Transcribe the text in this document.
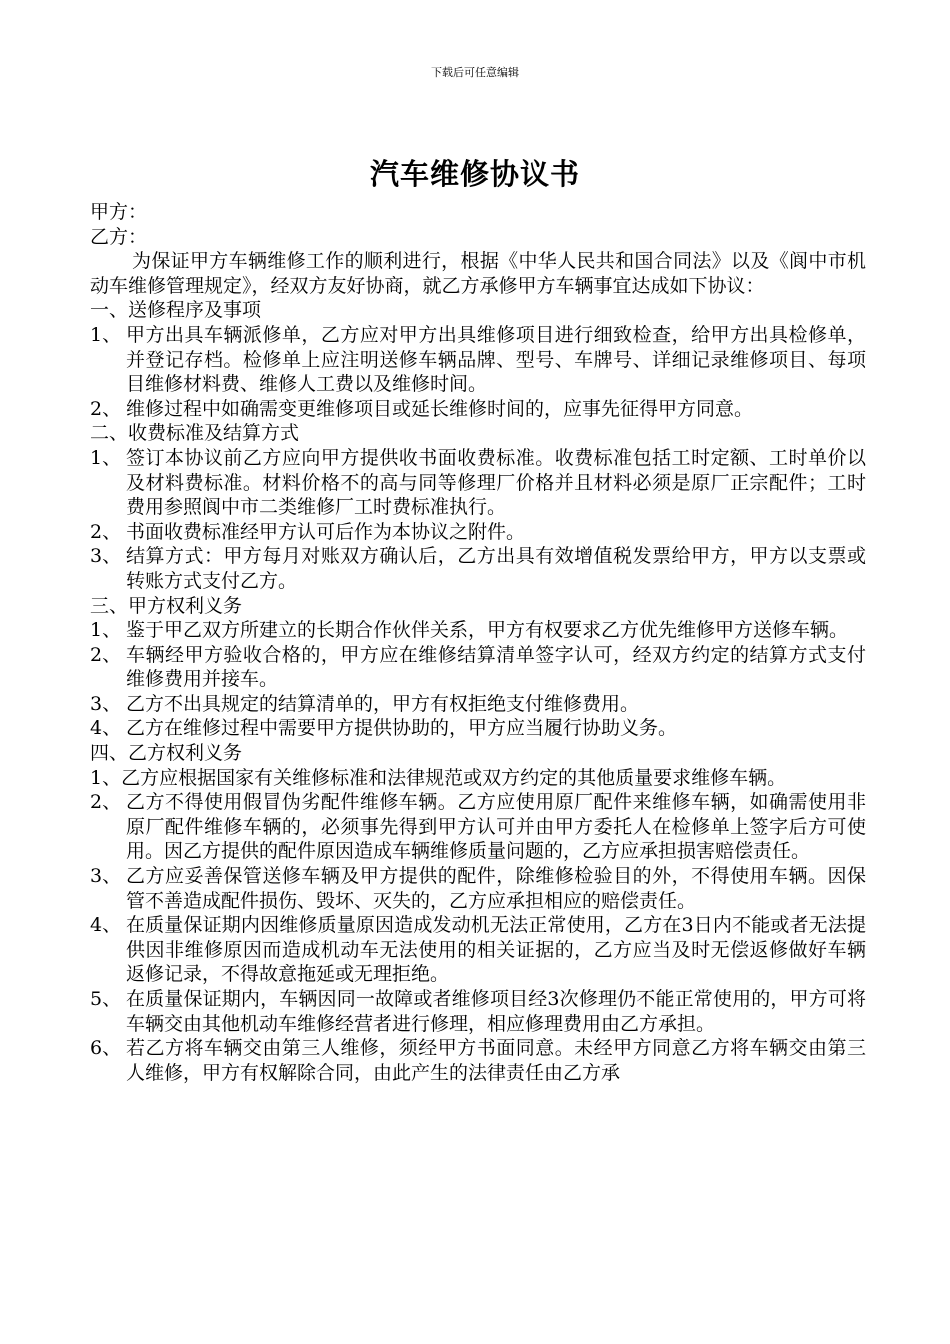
下载后可任意编辑
汽车维修协议书
甲方：
乙方：
为保证甲方车辆维修工作的顺利进行，根据《中华人民共和国合同法》以及《阆中市机动车维修管理规定》，经双方友好协商，就乙方承修甲方车辆事宜达成如下协议：
一、送修程序及事项
1、 甲方出具车辆派修单，乙方应对甲方出具维修项目进行细致检查，给甲方出具检修单，并登记存档。检修单上应注明送修车辆品牌、型号、车牌号、详细记录维修项目、每项目维修材料费、维修人工费以及维修时间。
2、 维修过程中如确需变更维修项目或延长维修时间的，应事先征得甲方同意。
二、收费标准及结算方式
1、 签订本协议前乙方应向甲方提供收书面收费标准。收费标准包括工时定额、工时单价以及材料费标准。材料价格不的高与同等修理厂价格并且材料必须是原厂正宗配件；工时费用参照阆中市二类维修厂工时费标准执行。
2、 书面收费标准经甲方认可后作为本协议之附件。
3、 结算方式：甲方每月对账双方确认后，乙方出具有效增值税发票给甲方，甲方以支票或转账方式支付乙方。
三、甲方权利义务
1、 鉴于甲乙双方所建立的长期合作伙伴关系，甲方有权要求乙方优先维修甲方送修车辆。
2、 车辆经甲方验收合格的，甲方应在维修结算清单签字认可，经双方约定的结算方式支付维修费用并接车。
3、 乙方不出具规定的结算清单的，甲方有权拒绝支付维修费用。
4、 乙方在维修过程中需要甲方提供协助的，甲方应当履行协助义务。
四、乙方权利义务
1、乙方应根据国家有关维修标准和法律规范或双方约定的其他质量要求维修车辆。
2、 乙方不得使用假冒伪劣配件维修车辆。乙方应使用原厂配件来维修车辆，如确需使用非原厂配件维修车辆的，必须事先得到甲方认可并由甲方委托人在检修单上签字后方可使用。因乙方提供的配件原因造成车辆维修质量问题的，乙方应承担损害赔偿责任。
3、 乙方应妥善保管送修车辆及甲方提供的配件，除维修检验目的外，不得使用车辆。因保管不善造成配件损伤、毁坏、灭失的，乙方应承担相应的赔偿责任。
4、 在质量保证期内因维修质量原因造成发动机无法正常使用，乙方在3日内不能或者无法提供因非维修原因而造成机动车无法使用的相关证据的，乙方应当及时无偿返修做好车辆返修记录，不得故意拖延或无理拒绝。
5、 在质量保证期内，车辆因同一故障或者维修项目经3次修理仍不能正常使用的，甲方可将车辆交由其他机动车维修经营者进行修理，相应修理费用由乙方承担。
6、 若乙方将车辆交由第三人维修，须经甲方书面同意。未经甲方同意乙方将车辆交由第三人维修，甲方有权解除合同，由此产生的法律责任由乙方承
